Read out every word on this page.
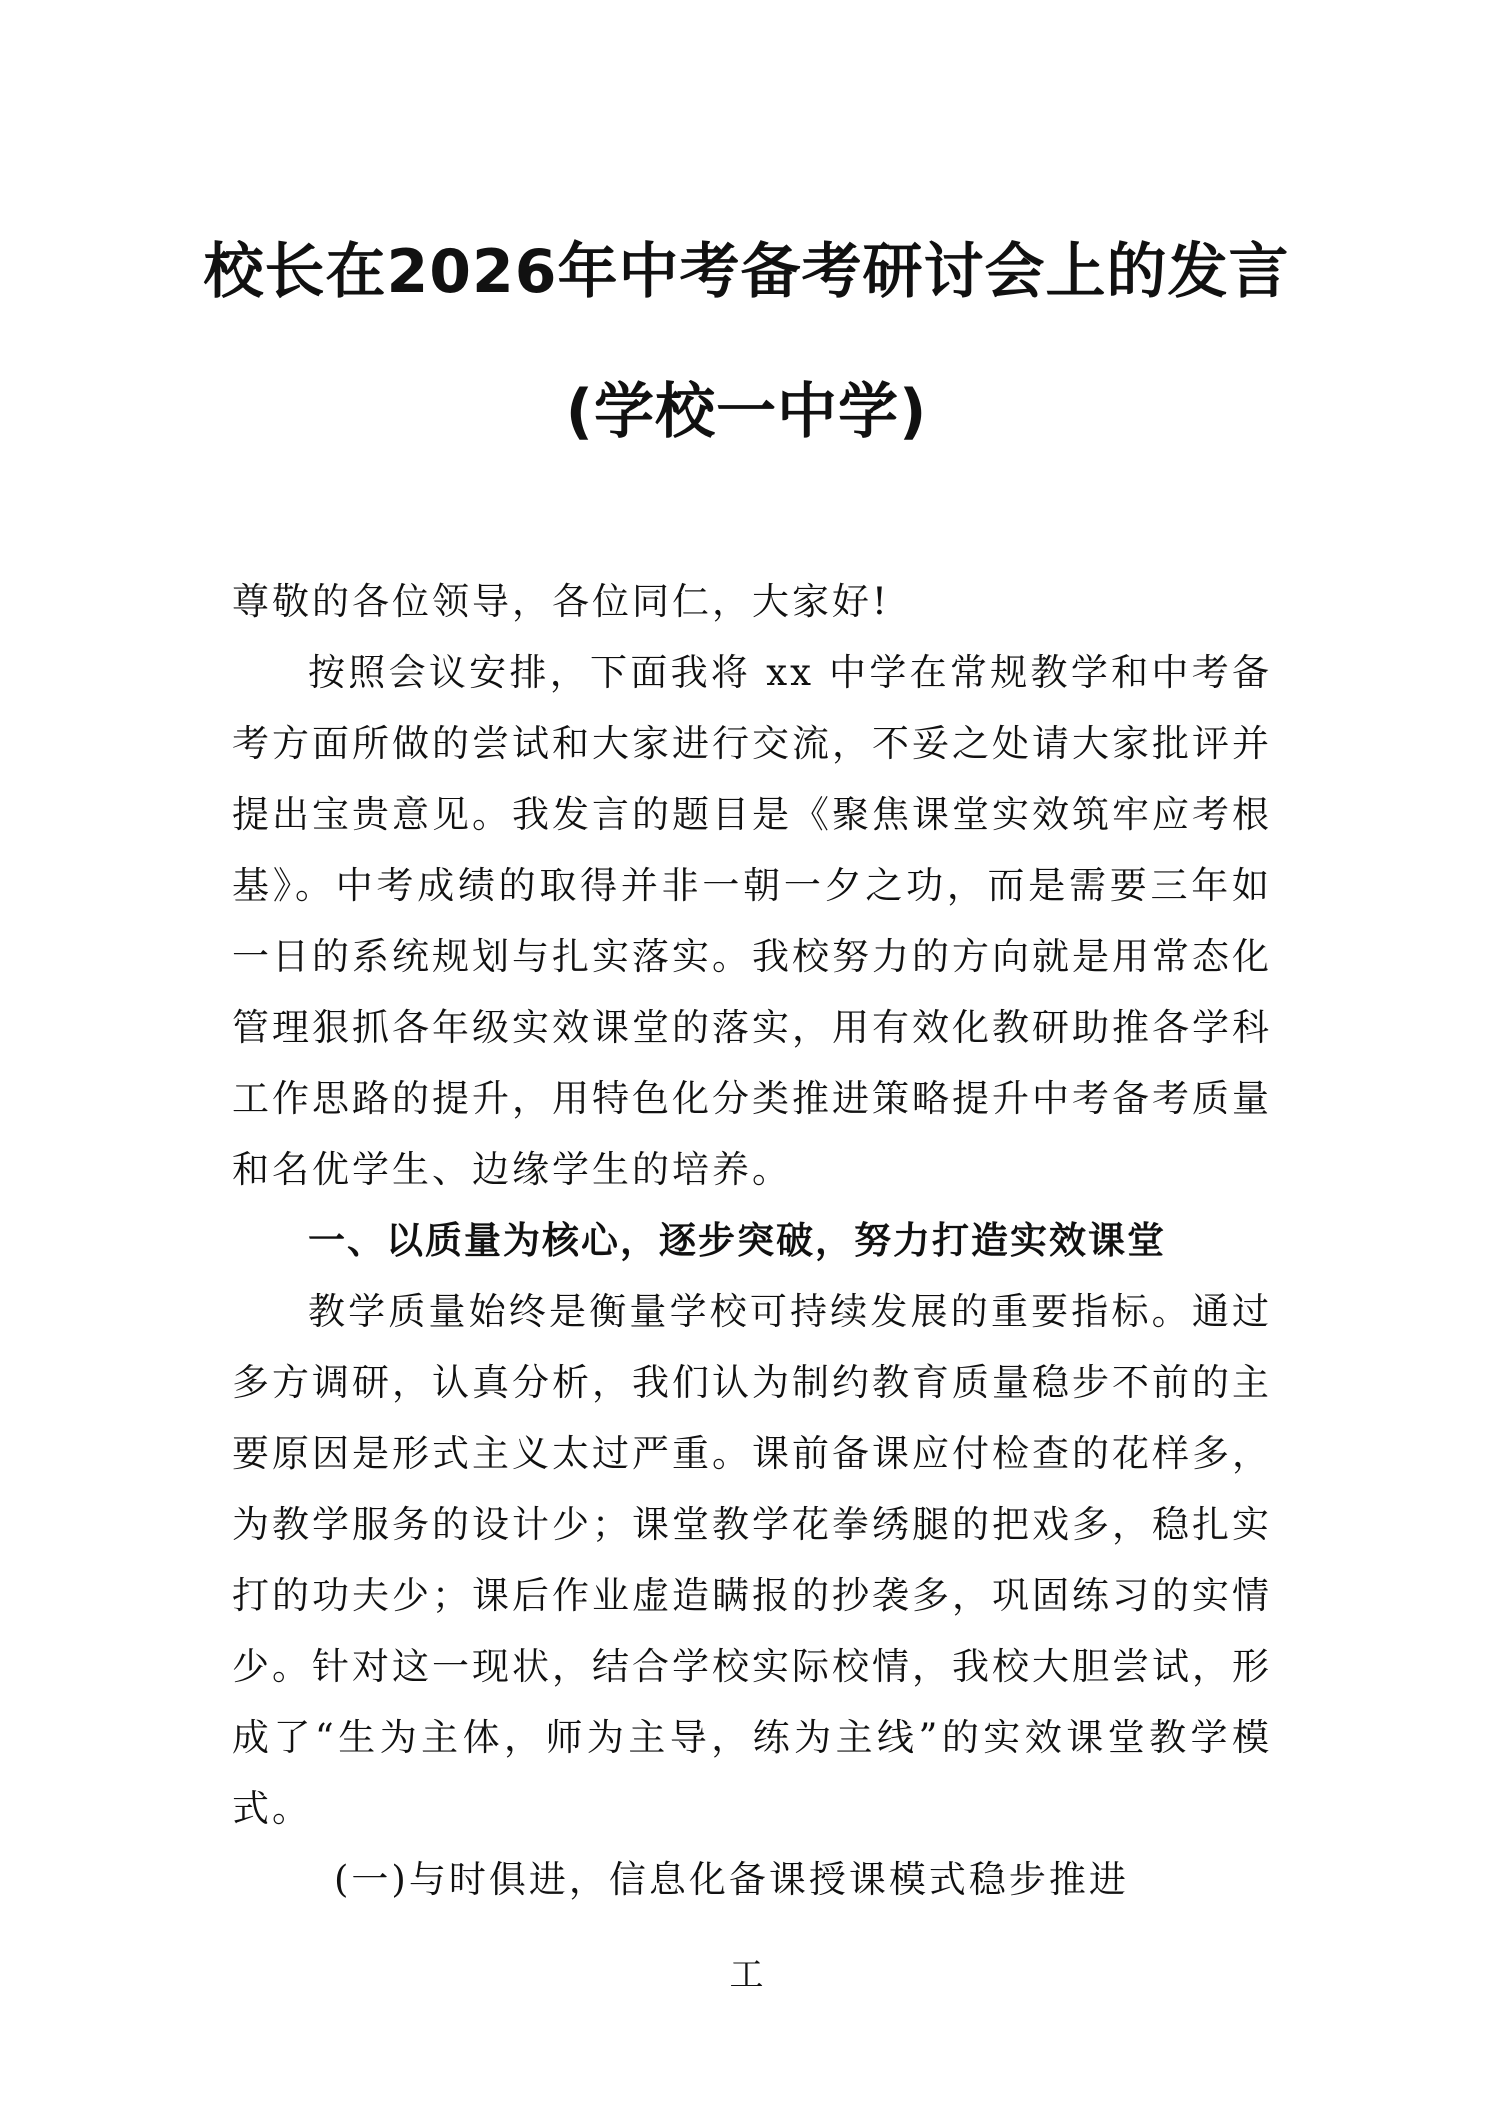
校长在2026年中考备考研讨会上的发言
(学校一中学)

尊敬的各位领导，各位同仁，大家好!

按照会议安排，下面我将 xx 中学在常规教学和中考备考方面所做的尝试和大家进行交流，不妥之处请大家批评并提出宝贵意见。我发言的题目是《聚焦课堂实效筑牢应考根基》。中考成绩的取得并非一朝一夕之功，而是需要三年如一日的系统规划与扎实落实。我校努力的方向就是用常态化管理狠抓各年级实效课堂的落实，用有效化教研助推各学科工作思路的提升，用特色化分类推进策略提升中考备考质量和名优学生、边缘学生的培养。

一、以质量为核心，逐步突破，努力打造实效课堂

教学质量始终是衡量学校可持续发展的重要指标。通过多方调研，认真分析，我们认为制约教育质量稳步不前的主要原因是形式主义太过严重。课前备课应付检查的花样多，为教学服务的设计少；课堂教学花拳绣腿的把戏多，稳扎实打的功夫少；课后作业虚造瞒报的抄袭多，巩固练习的实情少。针对这一现状，结合学校实际校情，我校大胆尝试，形成了“生为主体，师为主导，练为主线”的实效课堂教学模式。

(一)与时俱进，信息化备课授课模式稳步推进

工
